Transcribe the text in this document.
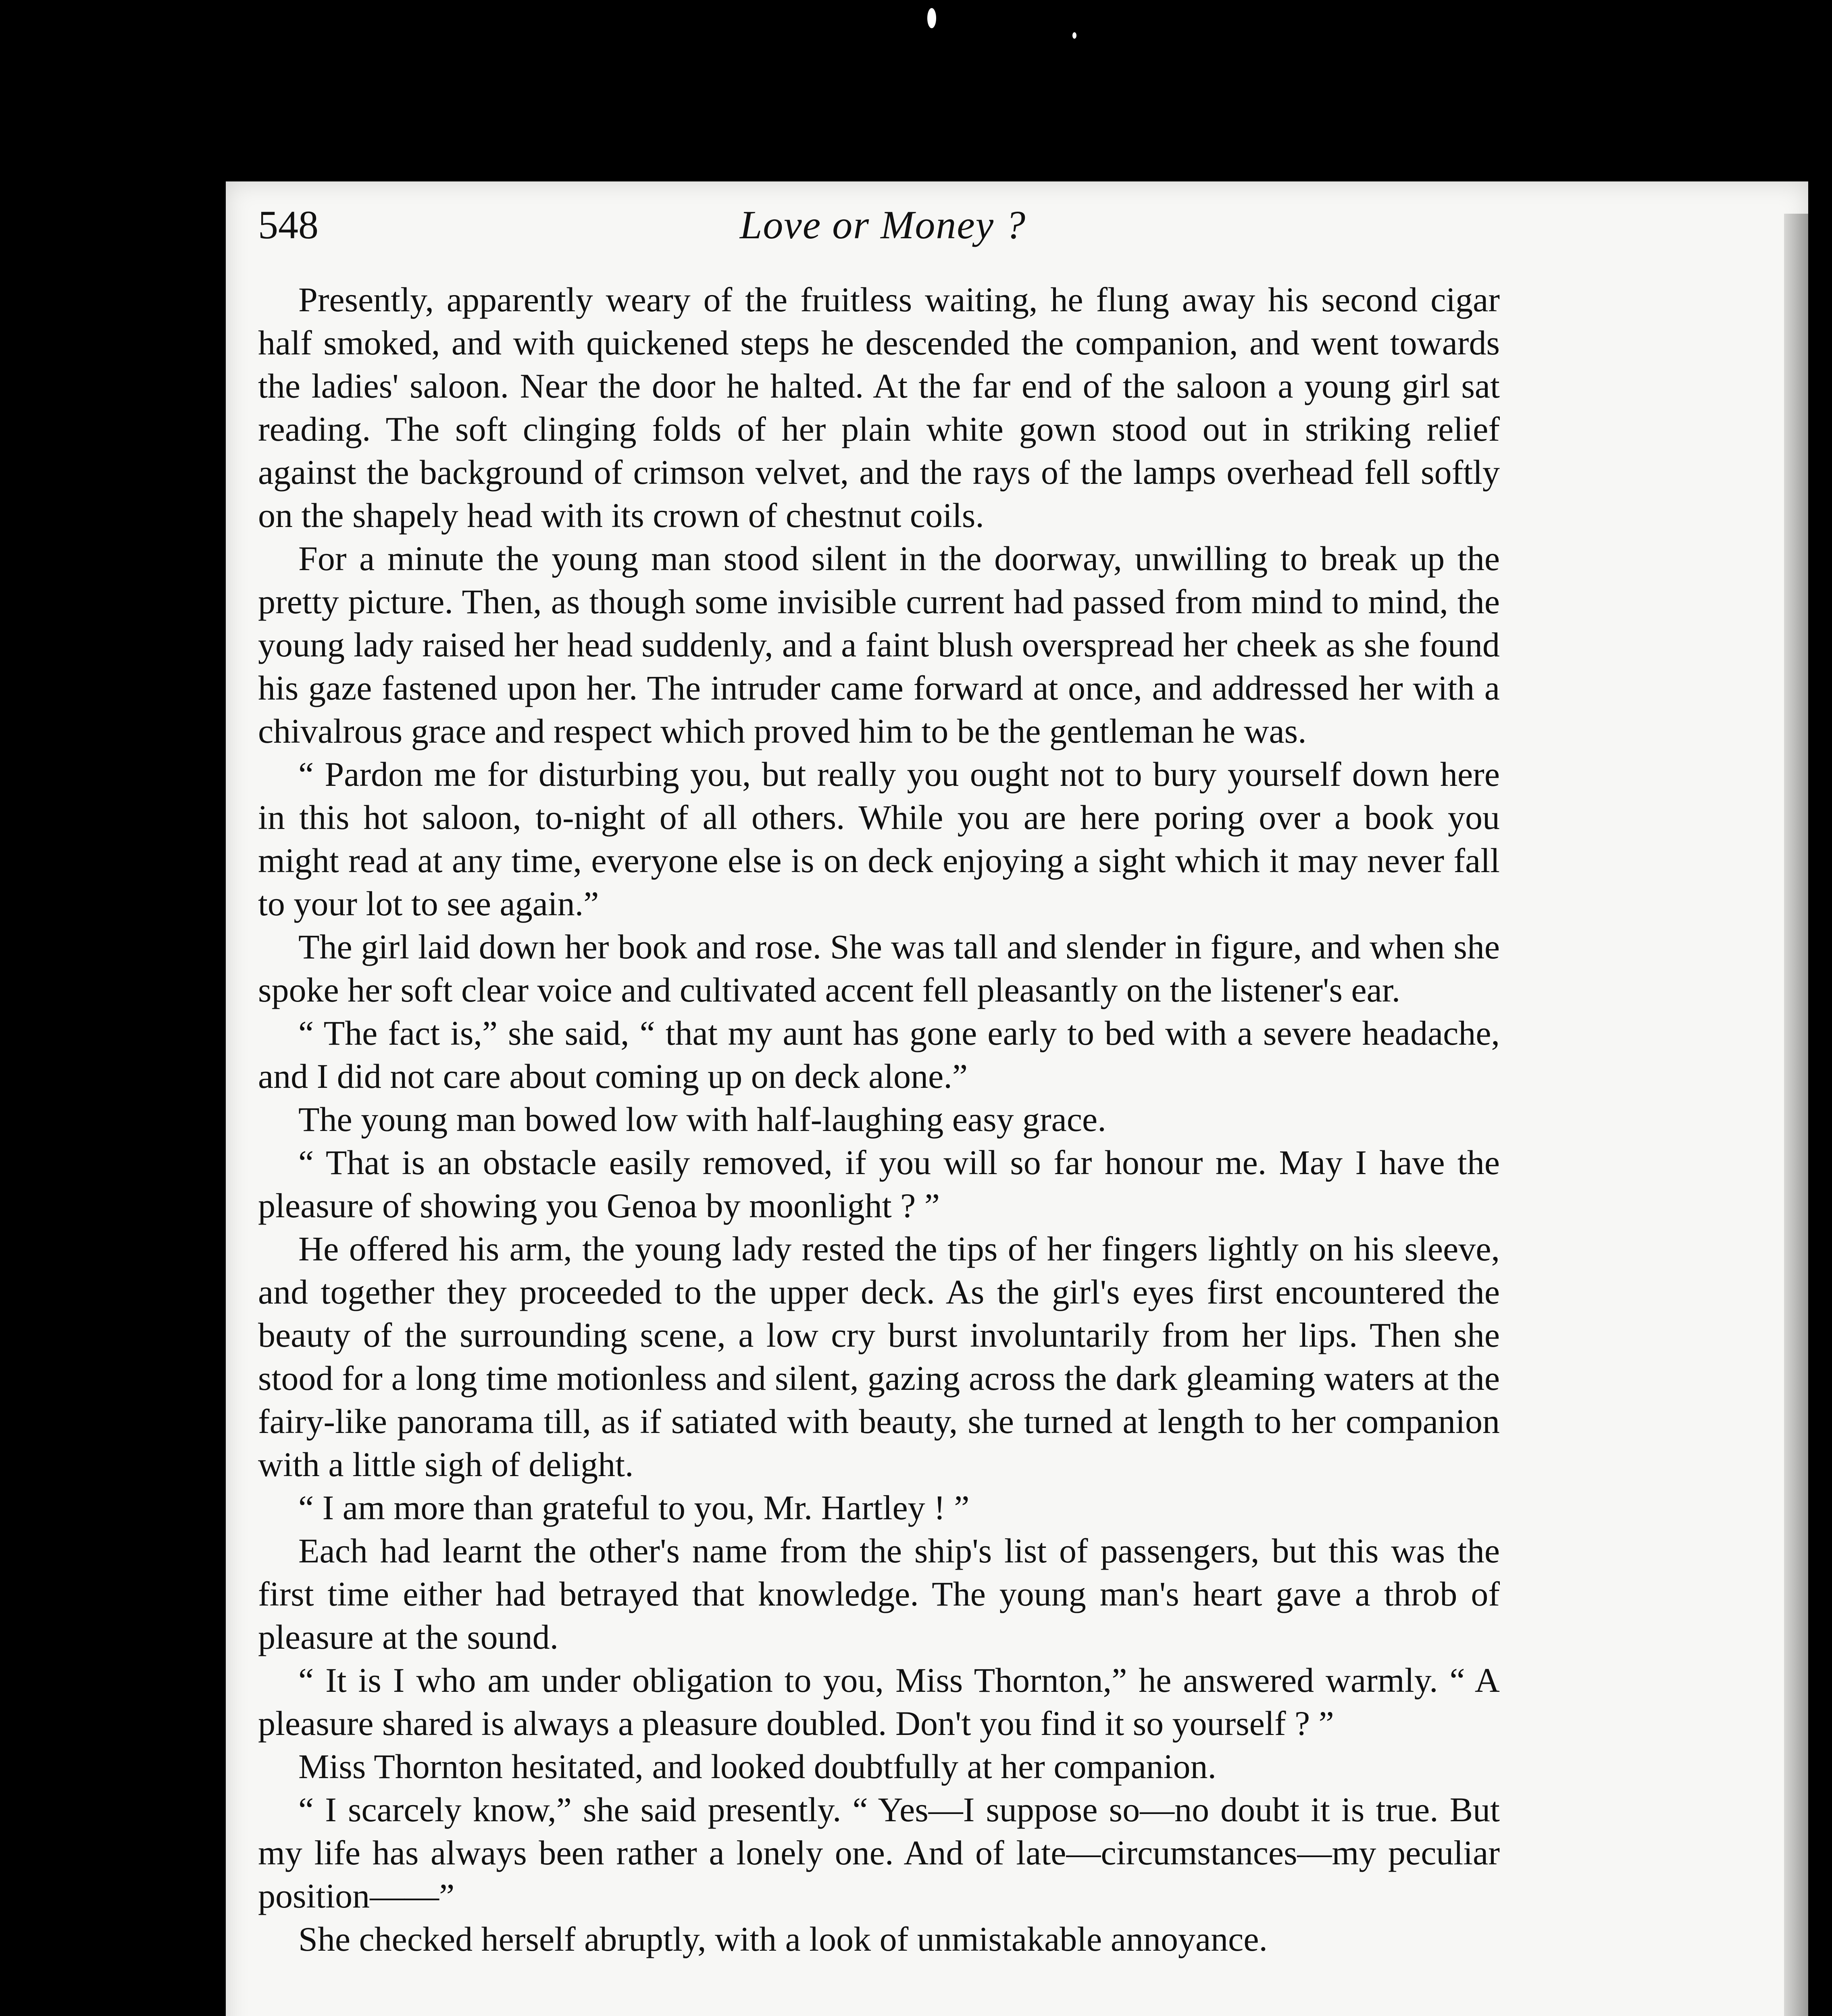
548	Love or Money ?

Presently, apparently weary of the fruitless waiting, he flung away his second cigar half smoked, and with quickened steps he descended the companion, and went towards the ladies' saloon. Near the door he halted. At the far end of the saloon a young girl sat reading. The soft clinging folds of her plain white gown stood out in striking relief against the background of crimson velvet, and the rays of the lamps overhead fell softly on the shapely head with its crown of chestnut coils.

For a minute the young man stood silent in the doorway, unwilling to break up the pretty picture. Then, as though some invisible current had passed from mind to mind, the young lady raised her head suddenly, and a faint blush overspread her cheek as she found his gaze fastened upon her. The intruder came forward at once, and addressed her with a chivalrous grace and respect which proved him to be the gentleman he was.

“ Pardon me for disturbing you, but really you ought not to bury yourself down here in this hot saloon, to-night of all others. While you are here poring over a book you might read at any time, everyone else is on deck enjoying a sight which it may never fall to your lot to see again.”

The girl laid down her book and rose. She was tall and slender in figure, and when she spoke her soft clear voice and cultivated accent fell pleasantly on the listener's ear.

“ The fact is,” she said, “ that my aunt has gone early to bed with a severe headache, and I did not care about coming up on deck alone.”

The young man bowed low with half-laughing easy grace.

“ That is an obstacle easily removed, if you will so far honour me. May I have the pleasure of showing you Genoa by moonlight ? ”

He offered his arm, the young lady rested the tips of her fingers lightly on his sleeve, and together they proceeded to the upper deck. As the girl's eyes first encountered the beauty of the surrounding scene, a low cry burst involuntarily from her lips. Then she stood for a long time motionless and silent, gazing across the dark gleaming waters at the fairy-like panorama till, as if satiated with beauty, she turned at length to her companion with a little sigh of delight.

“ I am more than grateful to you, Mr. Hartley ! ”

Each had learnt the other's name from the ship's list of passengers, but this was the first time either had betrayed that knowledge. The young man's heart gave a throb of pleasure at the sound.

“ It is I who am under obligation to you, Miss Thornton,” he answered warmly. “ A pleasure shared is always a pleasure doubled. Don't you find it so yourself ? ”

Miss Thornton hesitated, and looked doubtfully at her companion.

“ I scarcely know,” she said presently. “ Yes—I suppose so—no doubt it is true. But my life has always been rather a lonely one. And of late—circumstances—my peculiar position——”

She checked herself abruptly, with a look of unmistakable annoyance.
